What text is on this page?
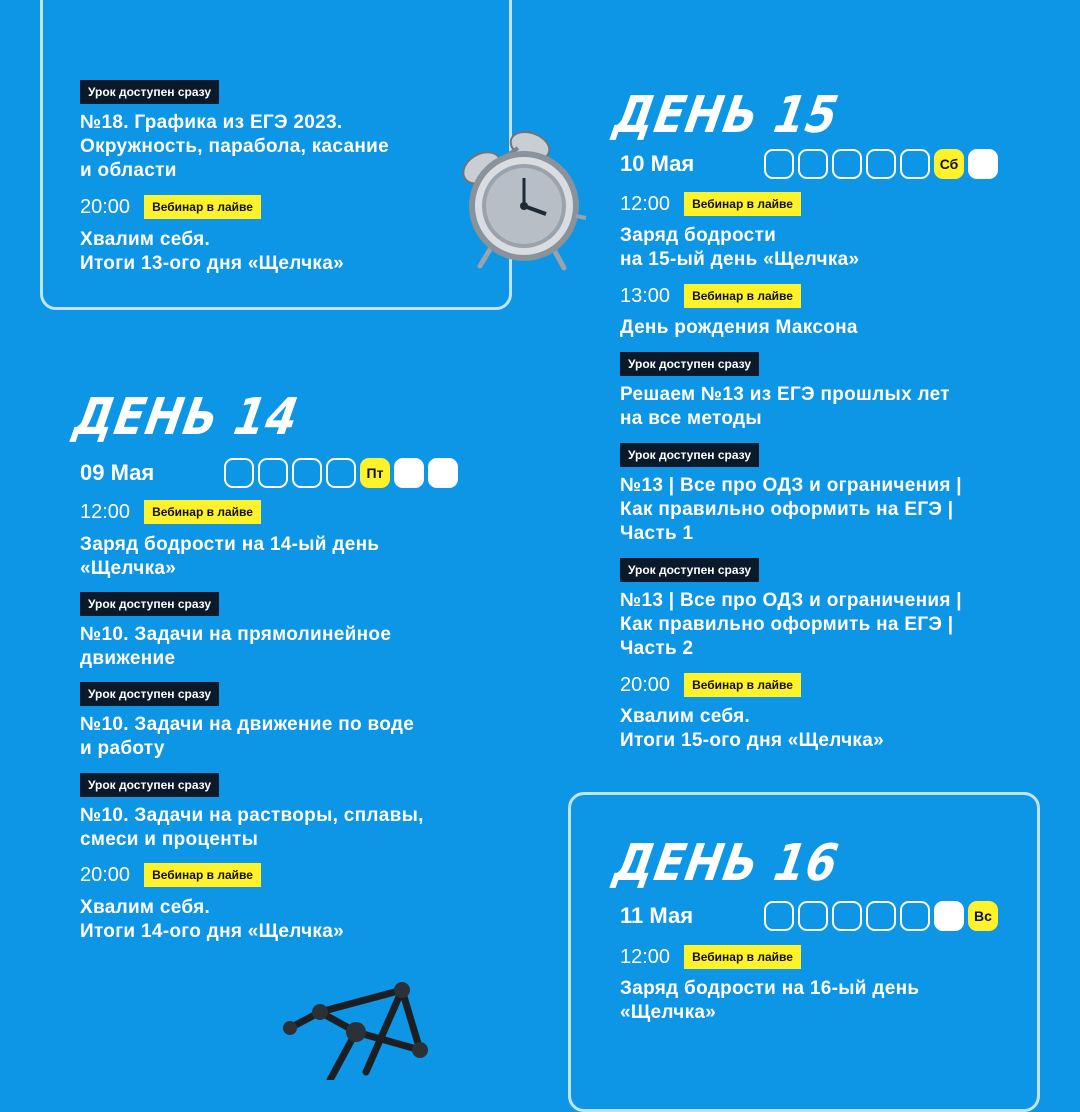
Урок доступен сразу
№18. Графика из ЕГЭ 2023.
Окружность, парабола, касание
и области
20:00	Вебинар в лайве
Хвалим себя.
Итоги 13-ого дня «Щелчка»
ДЕНЬ 14
09 Мая	Пт
12:00	Вебинар в лайве
Заряд бодрости на 14-ый день
«Щелчка»
Урок доступен сразу
№10. Задачи на прямолинейное
движение
Урок доступен сразу
№10. Задачи на движение по воде
и работу
Урок доступен сразу
№10. Задачи на растворы, сплавы,
смеси и проценты
20:00	Вебинар в лайве
Хвалим себя.
Итоги 14-ого дня «Щелчка»
ДЕНЬ 15
10 Мая	Сб
12:00	Вебинар в лайве
Заряд бодрости
на 15-ый день «Щелчка»
13:00	Вебинар в лайве
День рождения Максона
Урок доступен сразу
Решаем №13 из ЕГЭ прошлых лет
на все методы
Урок доступен сразу
№13 | Все про ОДЗ и ограничения |
Как правильно оформить на ЕГЭ |
Часть 1
Урок доступен сразу
№13 | Все про ОДЗ и ограничения |
Как правильно оформить на ЕГЭ |
Часть 2
20:00	Вебинар в лайве
Хвалим себя.
Итоги 15-ого дня «Щелчка»
ДЕНЬ 16
11 Мая	Вс
12:00	Вебинар в лайве
Заряд бодрости на 16-ый день
«Щелчка»
